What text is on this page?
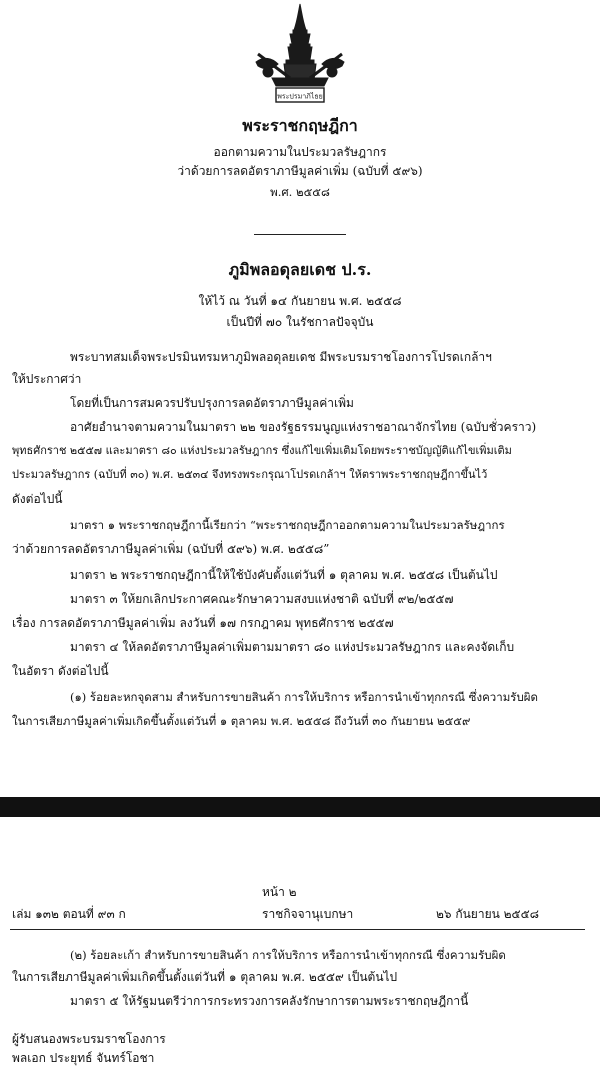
พระปรมาภิไธย
พระราชกฤษฎีกา
ออกตามความในประมวลรัษฎากร
ว่าด้วยการลดอัตราภาษีมูลค่าเพิ่ม (ฉบับที่ ๕๙๖)
พ.ศ. ๒๕๕๘
ภูมิพลอดุลยเดช ป.ร.
ให้ไว้ ณ วันที่ ๑๔ กันยายน พ.ศ. ๒๕๕๘
เป็นปีที่ ๗๐ ในรัชกาลปัจจุบัน
พระบาทสมเด็จพระปรมินทรมหาภูมิพลอดุลยเดช มีพระบรมราชโองการโปรดเกล้าฯ
ให้ประกาศว่า
โดยที่เป็นการสมควรปรับปรุงการลดอัตราภาษีมูลค่าเพิ่ม
อาศัยอำนาจตามความในมาตรา ๒๒ ของรัฐธรรมนูญแห่งราชอาณาจักรไทย (ฉบับชั่วคราว)
พุทธศักราช ๒๕๕๗ และมาตรา ๘๐ แห่งประมวลรัษฎากร ซึ่งแก้ไขเพิ่มเติมโดยพระราชบัญญัติแก้ไขเพิ่มเติม
ประมวลรัษฎากร (ฉบับที่ ๓๐) พ.ศ. ๒๕๓๔ จึงทรงพระกรุณาโปรดเกล้าฯ ให้ตราพระราชกฤษฎีกาขึ้นไว้
ดังต่อไปนี้
มาตรา ๑ พระราชกฤษฎีกานี้เรียกว่า “พระราชกฤษฎีกาออกตามความในประมวลรัษฎากร
ว่าด้วยการลดอัตราภาษีมูลค่าเพิ่ม (ฉบับที่ ๕๙๖) พ.ศ. ๒๕๕๘”
มาตรา ๒ พระราชกฤษฎีกานี้ให้ใช้บังคับตั้งแต่วันที่ ๑ ตุลาคม พ.ศ. ๒๕๕๘ เป็นต้นไป
มาตรา ๓ ให้ยกเลิกประกาศคณะรักษาความสงบแห่งชาติ ฉบับที่ ๙๒/๒๕๕๗
เรื่อง การลดอัตราภาษีมูลค่าเพิ่ม ลงวันที่ ๑๗ กรกฎาคม พุทธศักราช ๒๕๕๗
มาตรา ๔ ให้ลดอัตราภาษีมูลค่าเพิ่มตามมาตรา ๘๐ แห่งประมวลรัษฎากร และคงจัดเก็บ
ในอัตรา ดังต่อไปนี้
(๑) ร้อยละหกจุดสาม สำหรับการขายสินค้า การให้บริการ หรือการนำเข้าทุกกรณี ซึ่งความรับผิด
ในการเสียภาษีมูลค่าเพิ่มเกิดขึ้นตั้งแต่วันที่ ๑ ตุลาคม พ.ศ. ๒๕๕๘ ถึงวันที่ ๓๐ กันยายน ๒๕๕๙
หน้า ๒
เล่ม ๑๓๒ ตอนที่ ๙๓ ก	ราชกิจจานุเบกษา	๒๖ กันยายน ๒๕๕๘
(๒) ร้อยละเก้า สำหรับการขายสินค้า การให้บริการ หรือการนำเข้าทุกกรณี ซึ่งความรับผิด
ในการเสียภาษีมูลค่าเพิ่มเกิดขึ้นตั้งแต่วันที่ ๑ ตุลาคม พ.ศ. ๒๕๕๙ เป็นต้นไป
มาตรา ๕ ให้รัฐมนตรีว่าการกระทรวงการคลังรักษาการตามพระราชกฤษฎีกานี้
ผู้รับสนองพระบรมราชโองการ
พลเอก ประยุทธ์ จันทร์โอชา
